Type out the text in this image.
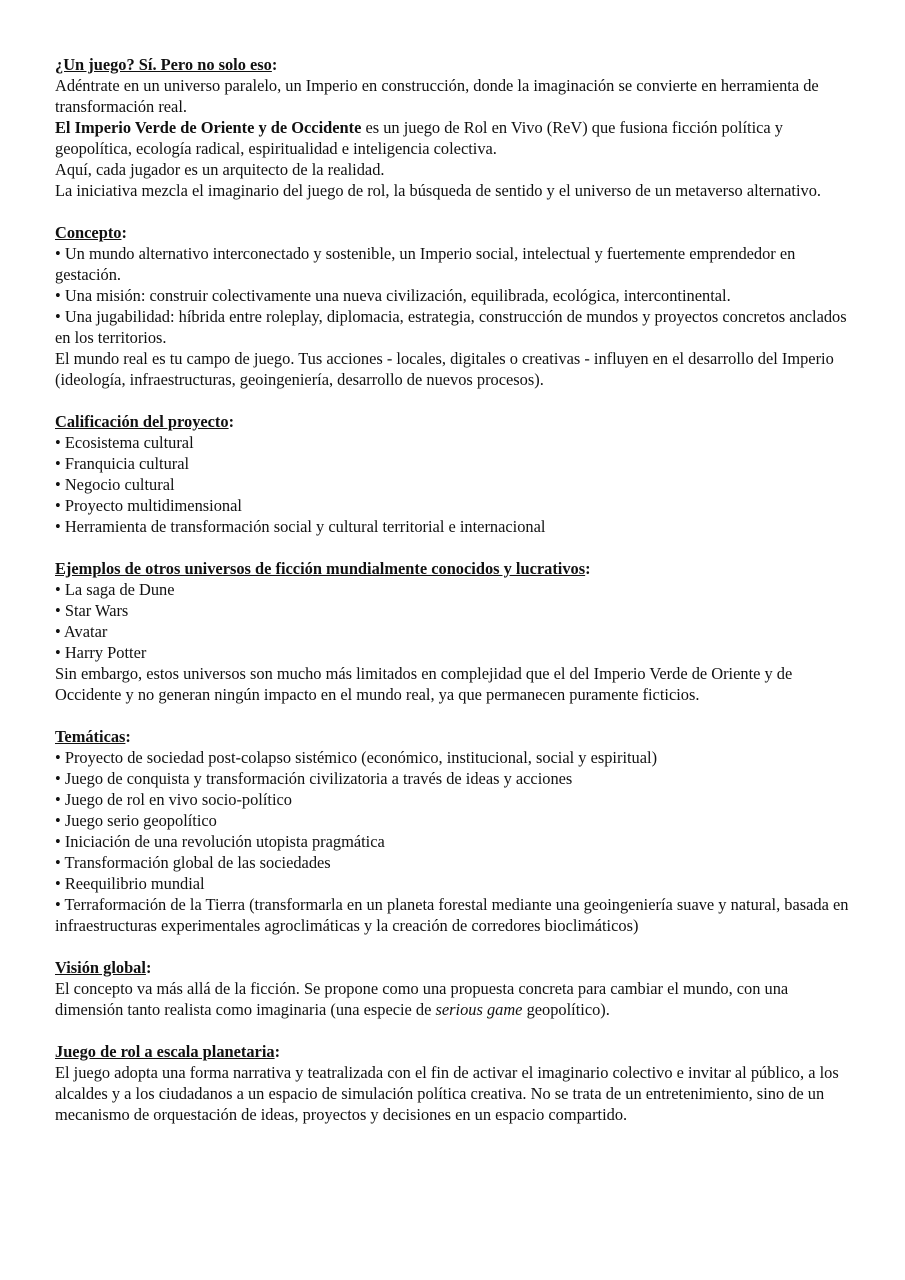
¿Un juego? Sí. Pero no solo eso:

Adéntrate en un universo paralelo, un Imperio en construcción, donde la imaginación se convierte en herramienta de transformación real.

El Imperio Verde de Oriente y de Occidente es un juego de Rol en Vivo (ReV) que fusiona ficción política y geopolítica, ecología radical, espiritualidad e inteligencia colectiva.

Aquí, cada jugador es un arquitecto de la realidad.

La iniciativa mezcla el imaginario del juego de rol, la búsqueda de sentido y el universo de un metaverso alternativo.

Concepto:

• Un mundo alternativo interconectado y sostenible, un Imperio social, intelectual y fuertemente emprendedor en gestación.

• Una misión: construir colectivamente una nueva civilización, equilibrada, ecológica, intercontinental.

• Una jugabilidad: híbrida entre roleplay, diplomacia, estrategia, construcción de mundos y proyectos concretos anclados en los territorios.

El mundo real es tu campo de juego. Tus acciones - locales, digitales o creativas - influyen en el desarrollo del Imperio (ideología, infraestructuras, geoingeniería, desarrollo de nuevos procesos).

Calificación del proyecto:

• Ecosistema cultural

• Franquicia cultural

• Negocio cultural

• Proyecto multidimensional

• Herramienta de transformación social y cultural territorial e internacional

Ejemplos de otros universos de ficción mundialmente conocidos y lucrativos:

• La saga de Dune

• Star Wars

• Avatar

• Harry Potter

Sin embargo, estos universos son mucho más limitados en complejidad que el del Imperio Verde de Oriente y de Occidente y no generan ningún impacto en el mundo real, ya que permanecen puramente ficticios.

Temáticas:

• Proyecto de sociedad post-colapso sistémico (económico, institucional, social y espiritual)

• Juego de conquista y transformación civilizatoria a través de ideas y acciones

• Juego de rol en vivo socio-político

• Juego serio geopolítico

• Iniciación de una revolución utopista pragmática

• Transformación global de las sociedades

• Reequilibrio mundial

• Terraformación de la Tierra (transformarla en un planeta forestal mediante una geoingeniería suave y natural, basada en infraestructuras experimentales agroclimáticas y la creación de corredores bioclimáticos)

Visión global:

El concepto va más allá de la ficción. Se propone como una propuesta concreta para cambiar el mundo, con una dimensión tanto realista como imaginaria (una especie de serious game geopolítico).

Juego de rol a escala planetaria:

El juego adopta una forma narrativa y teatralizada con el fin de activar el imaginario colectivo e invitar al público, a los alcaldes y a los ciudadanos a un espacio de simulación política creativa. No se trata de un entretenimiento, sino de un mecanismo de orquestación de ideas, proyectos y decisiones en un espacio compartido.
